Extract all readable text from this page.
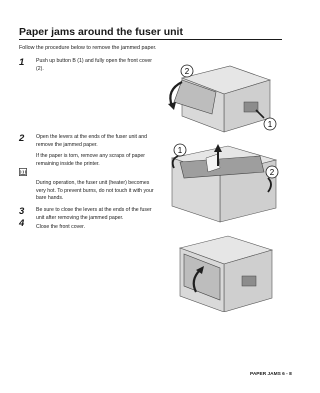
Paper jams around the fuser unit
Follow the procedure below to remove the jammed paper.
1 Push up button B (1) and fully open the front cover
(2).
2 Open the levers at the ends of the fuser unit and
remove the jammed paper.
If the paper is torn, remove any scraps of paper
remaining inside the printer.
During operation, the fuser unit (heater) becomes
very hot. To prevent burns, do not touch it with your
bare hands.
3 Be sure to close the levers at the ends of the fuser
unit after removing the jammed paper.
4 Close the front cover.
2
1
1
2
PAPER JAMS 6 - 8
